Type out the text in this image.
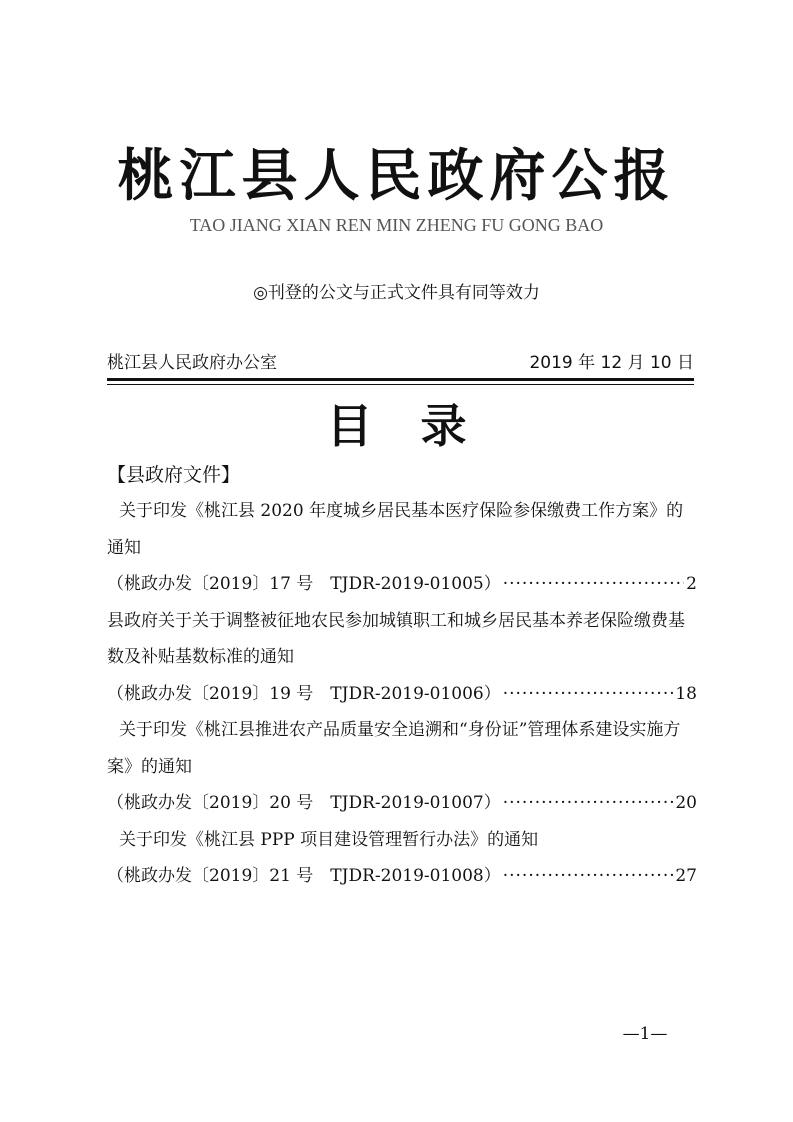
桃江县人民政府公报
TAO JIANG XIAN REN MIN ZHENG FU GONG BAO
◎刊登的公文与正式文件具有同等效力
桃江县人民政府办公室	2019 年 12 月 10 日
目录
【县政府文件】
关于印发《桃江县 2020 年度城乡居民基本医疗保险参保缴费工作方案》的通知
（桃政办发〔2019〕17 号　TJDR-2019-01005） ·····	2
县政府关于关于调整被征地农民参加城镇职工和城乡居民基本养老保险缴费基数及补贴基数标准的通知
（桃政办发〔2019〕19 号　TJDR-2019-01006） ·····	18
关于印发《桃江县推进农产品质量安全追溯和“身份证”管理体系建设实施方案》的通知
（桃政办发〔2019〕20 号　TJDR-2019-01007） ·····	20
关于印发《桃江县 PPP 项目建设管理暂行办法》的通知
（桃政办发〔2019〕21 号　TJDR-2019-01008） ·····	27
—1—
